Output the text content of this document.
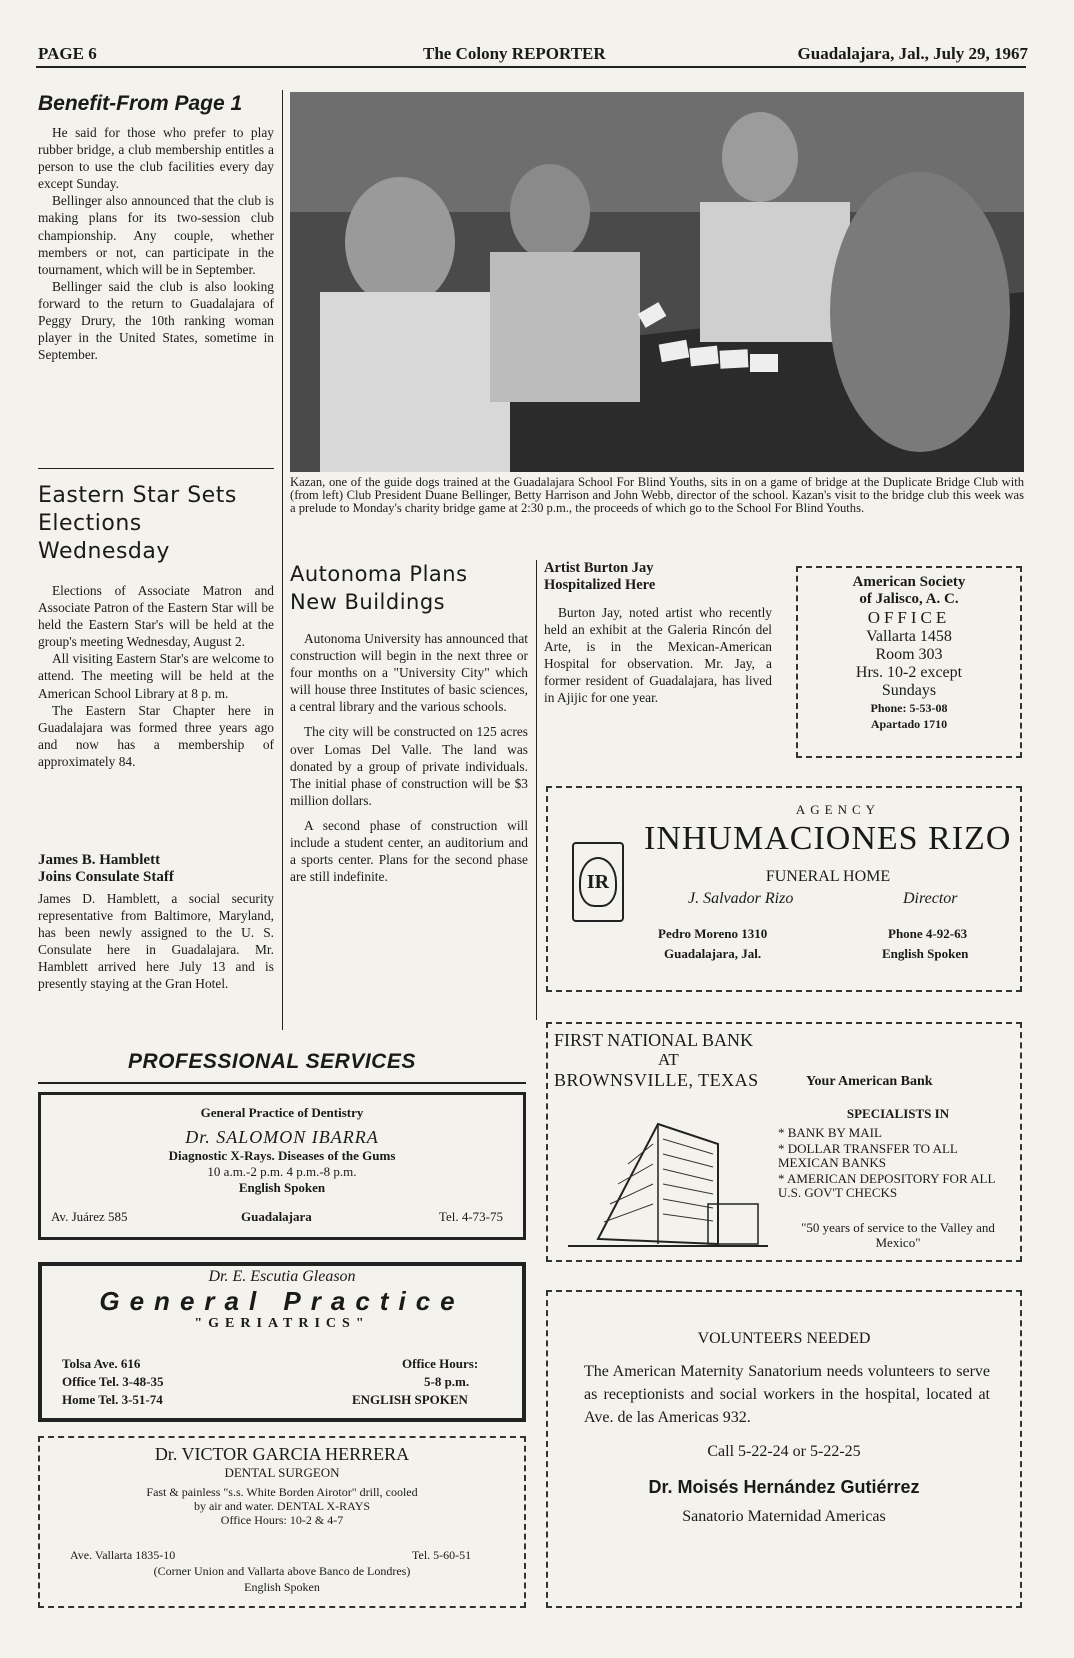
PAGE 6	The Colony REPORTER	Guadalajara, Jal., July 29, 1967
Benefit-From Page 1

He said for those who prefer to play rubber bridge, a club membership entitles a person to use the club facilities every day except Sunday.

Bellinger also announced that the club is making plans for its two-session club championship. Any couple, whether members or not, can participate in the tournament, which will be in September.

Bellinger said the club is also looking forward to the return to Guadalajara of Peggy Drury, the 10th ranking woman player in the United States, sometime in September.

Eastern Star Sets
Elections Wednesday

Elections of Associate Matron and Associate Patron of the Eastern Star will be held the Eastern Star's will be held at the group's meeting Wednesday, August 2.

All visiting Eastern Star's are welcome to attend. The meeting will be held at the American School Library at 8 p. m.

The Eastern Star Chapter here in Guadalajara was formed three years ago and now has a membership of approximately 84.

James B. Hamblett
Joins Consulate Staff

James D. Hamblett, a social security representative from Baltimore, Maryland, has been newly assigned to the U. S. Consulate here in Guadalajara. Mr. Hamblett arrived here July 13 and is presently staying at the Gran Hotel.

Kazan, one of the guide dogs trained at the Guadalajara School For Blind Youths, sits in on a game of bridge at the Duplicate Bridge Club with (from left) Club President Duane Bellinger, Betty Harrison and John Webb, director of the school. Kazan's visit to the bridge club this week was a prelude to Monday's charity bridge game at 2:30 p.m., the proceeds of which go to the School For Blind Youths.
Autonoma Plans
New Buildings

Autonoma University has announced that construction will begin in the next three or four months on a "University City" which will house three Institutes of basic sciences, a central library and the various schools.

The city will be constructed on 125 acres over Lomas Del Valle. The land was donated by a group of private individuals. The initial phase of construction will be $3 million dollars.

A second phase of construction will include a student center, an auditorium and a sports center. Plans for the second phase are still indefinite.

Artist Burton Jay
Hospitalized Here

Burton Jay, noted artist who recently held an exhibit at the Galeria Rincón del Arte, is in the Mexican-American Hospital for observation. Mr. Jay, a former resident of Guadalajara, has lived in Ajijic for one year.

American Society
of Jalisco, A. C.
OFFICE
Vallarta 1458
Room 303
Hrs. 10-2 except
Sundays
Phone: 5-53-08
Apartado 1710
AGENCY
IR
INHUMACIONES RIZO
FUNERAL HOME
J. Salvador Rizo	Director
Pedro Moreno 1310
Guadalajara, Jal.
Phone 4-92-63
English Spoken
FIRST NATIONAL BANK
AT
BROWNSVILLE, TEXAS	Your American Bank
SPECIALISTS IN
* BANK BY MAIL
* DOLLAR TRANSFER TO ALL MEXICAN BANKS
* AMERICAN DEPOSITORY FOR ALL U.S. GOV'T CHECKS
"50 years of service to the Valley and Mexico"
PROFESSIONAL SERVICES
General Practice of Dentistry
Dr. SALOMON IBARRA
Diagnostic X-Rays. Diseases of the Gums
10 a.m.-2 p.m. 4 p.m.-8 p.m.
English Spoken
Av. Juárez 585	Guadalajara	Tel. 4-73-75
Dr. E. Escutia Gleason
General Practice
"GERIATRICS"
Tolsa Ave. 616
Office Tel. 3-48-35
Home Tel. 3-51-74
Office Hours:
5-8 p.m.
ENGLISH SPOKEN
Dr. VICTOR GARCIA HERRERA
DENTAL SURGEON
Fast & painless "s.s. White Borden Airotor" drill, cooled
by air and water. DENTAL X-RAYS
Office Hours: 10-2 & 4-7
Ave. Vallarta 1835-10	Tel. 5-60-51
(Corner Union and Vallarta above Banco de Londres)
English Spoken
VOLUNTEERS NEEDED
The American Maternity Sanatorium needs volunteers to serve as receptionists and social workers in the hospital, located at Ave. de las Americas 932.
Call 5-22-24 or 5-22-25
Dr. Moisés Hernández Gutiérrez
Sanatorio Maternidad Americas
